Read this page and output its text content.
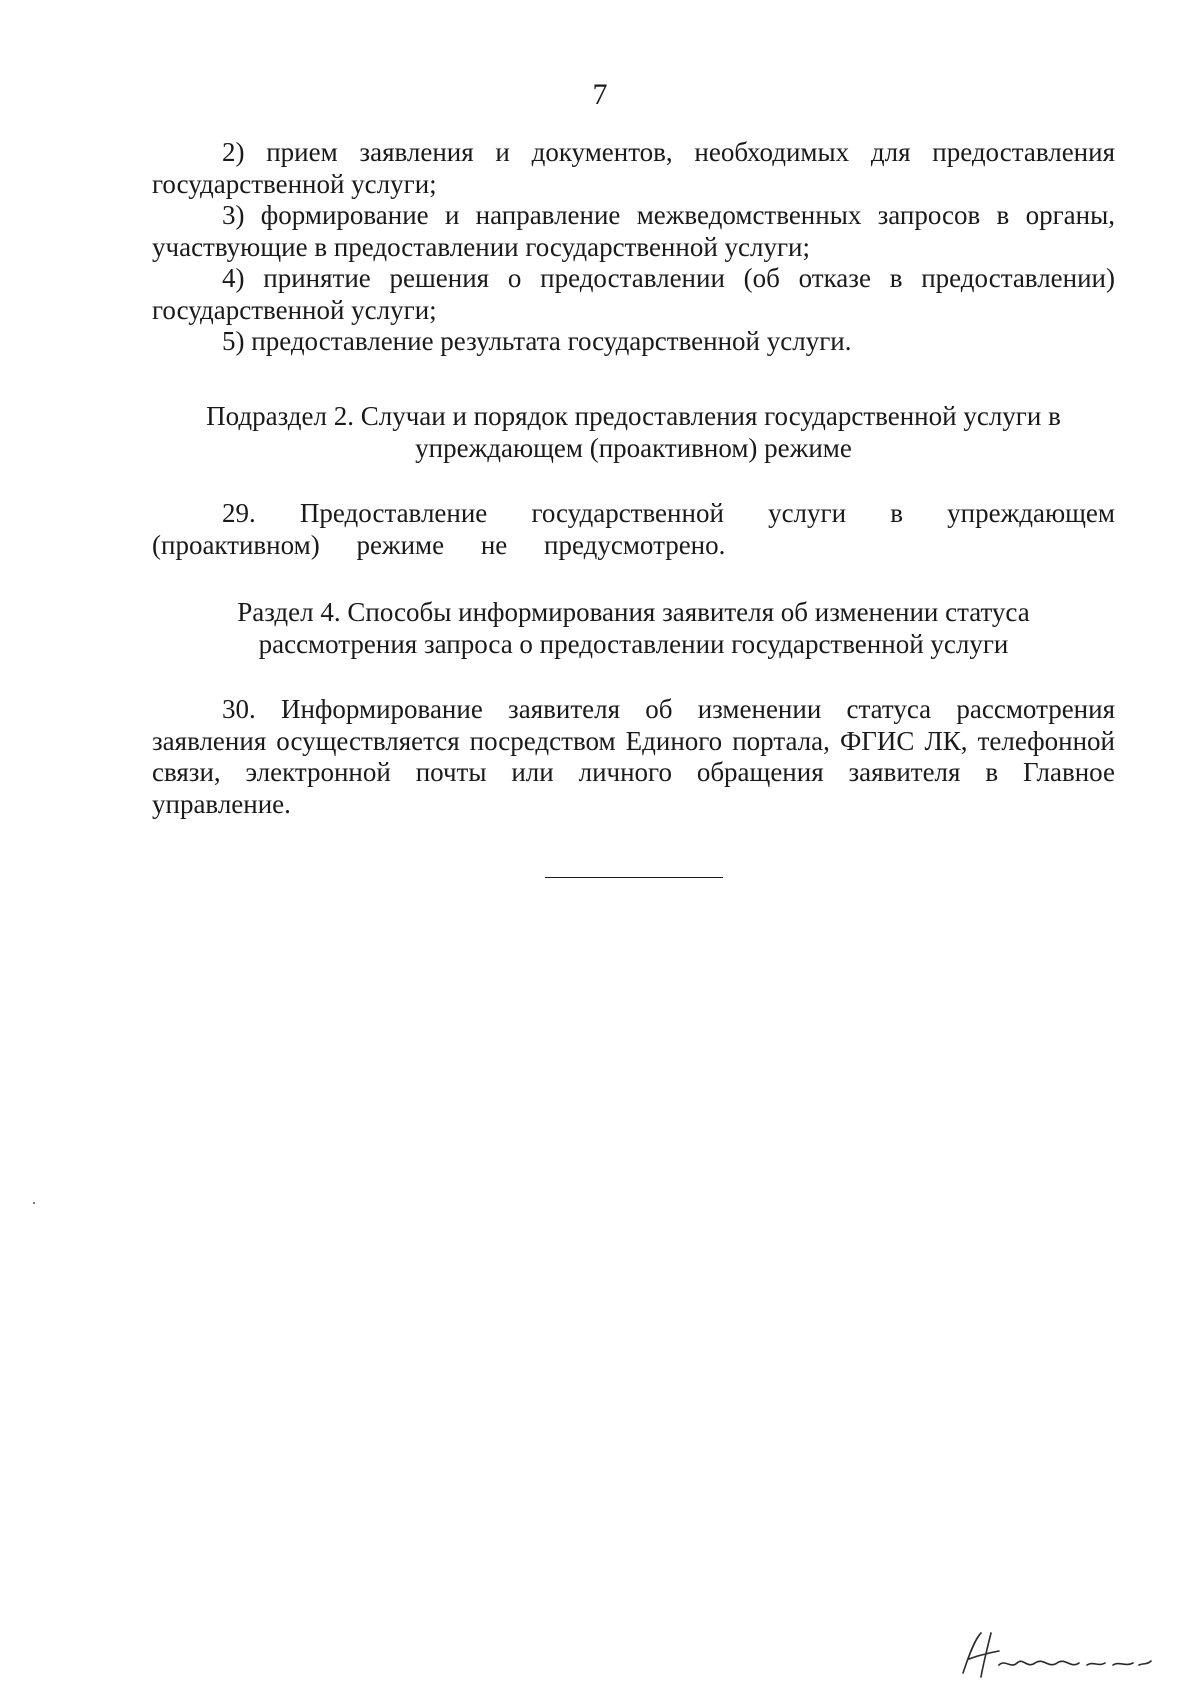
7

2) прием заявления и документов, необходимых для предоставления государственной услуги;

3) формирование и направление межведомственных запросов в органы, участвующие в предоставлении государственной услуги;

4) принятие решения о предоставлении (об отказе в предоставлении) государственной услуги;

5) предоставление результата государственной услуги.

Подраздел 2. Случаи и порядок предоставления государственной услуги в

упреждающем (проактивном) режиме

29. Предоставление государственной услуги в упреждающем (проактивном) режиме не предусмотрено.

Раздел 4. Способы информирования заявителя об изменении статуса

рассмотрения запроса о предоставлении государственной услуги

30. Информирование заявителя об изменении статуса рассмотрения заявления осуществляется посредством Единого портала, ФГИС ЛК, телефонной связи, электронной почты или личного обращения заявителя в Главное управление.
